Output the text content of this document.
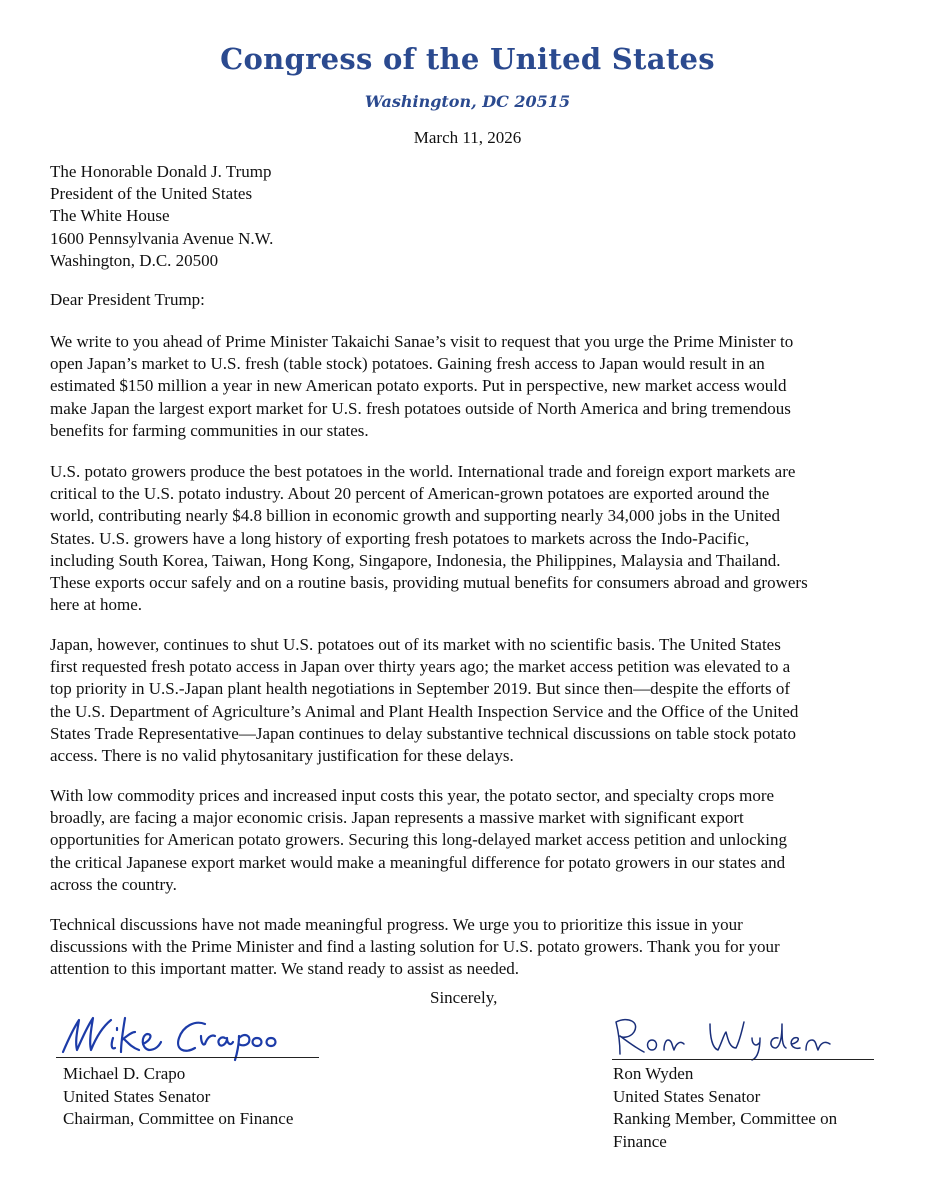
Congress of the United States
Washington, DC 20515
March 11, 2026
The Honorable Donald J. Trump
President of the United States
The White House
1600 Pennsylvania Avenue N.W.
Washington, D.C. 20500
Dear President Trump:
We write to you ahead of Prime Minister Takaichi Sanae’s visit to request that you urge the Prime Minister to
open Japan’s market to U.S. fresh (table stock) potatoes. Gaining fresh access to Japan would result in an
estimated $150 million a year in new American potato exports. Put in perspective, new market access would
make Japan the largest export market for U.S. fresh potatoes outside of North America and bring tremendous
benefits for farming communities in our states.
U.S. potato growers produce the best potatoes in the world. International trade and foreign export markets are
critical to the U.S. potato industry. About 20 percent of American-grown potatoes are exported around the
world, contributing nearly $4.8 billion in economic growth and supporting nearly 34,000 jobs in the United
States. U.S. growers have a long history of exporting fresh potatoes to markets across the Indo-Pacific,
including South Korea, Taiwan, Hong Kong, Singapore, Indonesia, the Philippines, Malaysia and Thailand.
These exports occur safely and on a routine basis, providing mutual benefits for consumers abroad and growers
here at home.
Japan, however, continues to shut U.S. potatoes out of its market with no scientific basis. The United States
first requested fresh potato access in Japan over thirty years ago; the market access petition was elevated to a
top priority in U.S.-Japan plant health negotiations in September 2019. But since then—despite the efforts of
the U.S. Department of Agriculture’s Animal and Plant Health Inspection Service and the Office of the United
States Trade Representative—Japan continues to delay substantive technical discussions on table stock potato
access. There is no valid phytosanitary justification for these delays.
With low commodity prices and increased input costs this year, the potato sector, and specialty crops more
broadly, are facing a major economic crisis. Japan represents a massive market with significant export
opportunities for American potato growers. Securing this long-delayed market access petition and unlocking
the critical Japanese export market would make a meaningful difference for potato growers in our states and
across the country.
Technical discussions have not made meaningful progress. We urge you to prioritize this issue in your
discussions with the Prime Minister and find a lasting solution for U.S. potato growers. Thank you for your
attention to this important matter. We stand ready to assist as needed.
Sincerely,
Michael D. Crapo
United States Senator
Chairman, Committee on Finance
Ron Wyden
United States Senator
Ranking Member, Committee on
Finance
